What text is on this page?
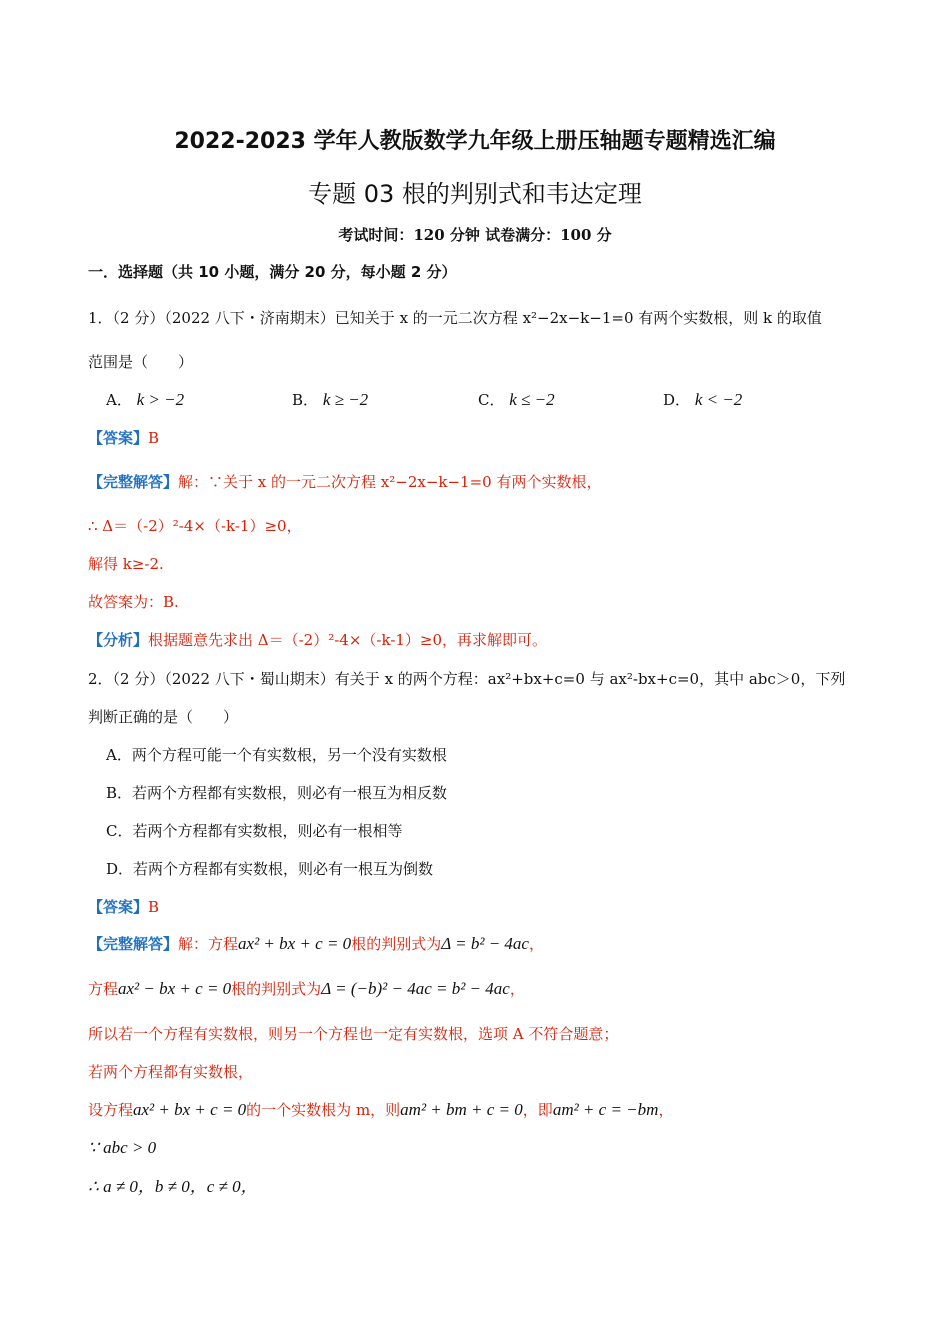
2022-2023 学年人教版数学九年级上册压轴题专题精选汇编
专题 03 根的判别式和韦达定理
考试时间：120 分钟 试卷满分：100 分
一．选择题（共 10 小题，满分 20 分，每小题 2 分）
1．（2 分）（2022 八下・济南期末）已知关于 x 的一元二次方程 x²−2x−k−1=0 有两个实数根，则 k 的取值
范围是（　　）
A． k > −2	B． k ≥ −2	C． k ≤ −2	D． k < −2
【答案】B
【完整解答】解：∵关于 x 的一元二次方程 x²−2x−k−1=0 有两个实数根，
∴ Δ＝（-2）²-4×（-k-1）≥0，
解得 k≥-2.
故答案为：B.
【分析】根据题意先求出 Δ＝（-2）²-4×（-k-1）≥0，再求解即可。
2．（2 分）（2022 八下・蜀山期末）有关于 x 的两个方程：ax²+bx+c=0 与 ax²-bx+c=0，其中 abc＞0，下列
判断正确的是（　　）
A．两个方程可能一个有实数根，另一个没有实数根
B．若两个方程都有实数根，则必有一根互为相反数
C．若两个方程都有实数根，则必有一根相等
D．若两个方程都有实数根，则必有一根互为倒数
【答案】B
【完整解答】解：方程ax² + bx + c = 0根的判别式为Δ = b² − 4ac，
方程ax² − bx + c = 0根的判别式为Δ = (−b)² − 4ac = b² − 4ac，
所以若一个方程有实数根，则另一个方程也一定有实数根，选项 A 不符合题意；
若两个方程都有实数根，
设方程ax² + bx + c = 0的一个实数根为 m，则am² + bm + c = 0，即am² + c = −bm，
∵ abc > 0
∴ a ≠ 0，b ≠ 0，c ≠ 0，
